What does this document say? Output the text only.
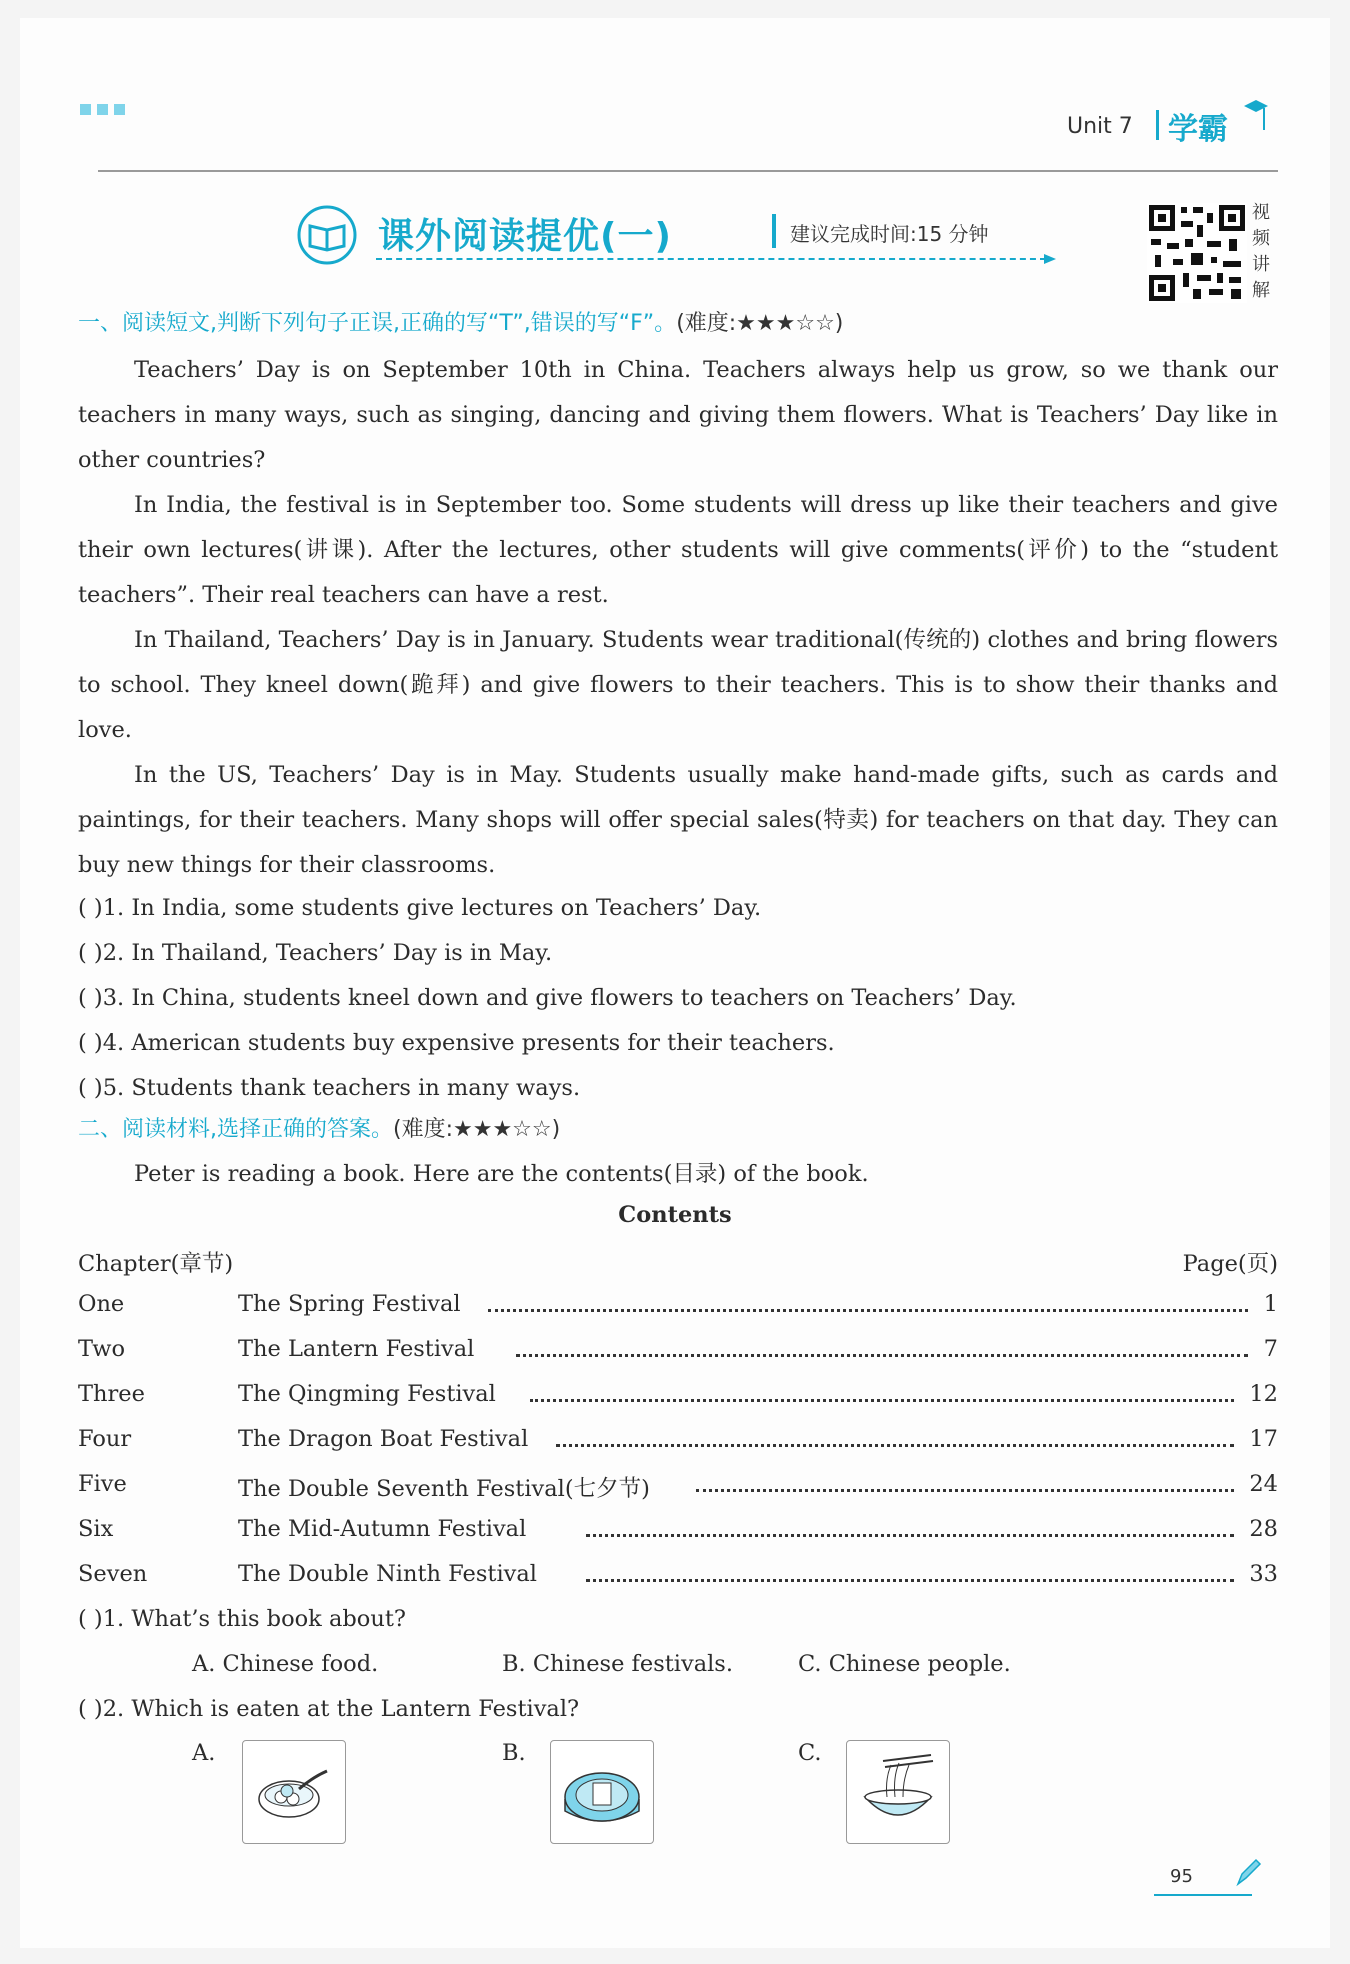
Unit 7 学霸
课外阅读提优(一)	建议完成时间:15 分钟
视
频
讲
解
一、阅读短文,判断下列句子正误,正确的写“T”,错误的写“F”。(难度:★★★☆☆)

Teachers’ Day is on September 10th in China. Teachers always help us grow, so we thank our teachers in many ways, such as singing, dancing and giving them flowers. What is Teachers’ Day like in other countries?

In India, the festival is in September too. Some students will dress up like their teachers and give their own lectures(讲课). After the lectures, other students will give comments(评价) to the “student teachers”. Their real teachers can have a rest.

In Thailand, Teachers’ Day is in January. Students wear traditional(传统的) clothes and bring flowers to school. They kneel down(跪拜) and give flowers to their teachers. This is to show their thanks and love.

In the US, Teachers’ Day is in May. Students usually make hand-made gifts, such as cards and paintings, for their teachers. Many shops will offer special sales(特卖) for teachers on that day. They can buy new things for their classrooms.

( )1. In India, some students give lectures on Teachers’ Day.
( )2. In Thailand, Teachers’ Day is in May.
( )3. In China, students kneel down and give flowers to teachers on Teachers’ Day.
( )4. American students buy expensive presents for their teachers.
( )5. Students thank teachers in many ways.
二、阅读材料,选择正确的答案。(难度:★★★☆☆)
Peter is reading a book. Here are the contents(目录) of the book.
Contents
Chapter(章节)	Page(页)
One	The Spring Festival	1
Two	The Lantern Festival	7
Three	The Qingming Festival	12
Four	The Dragon Boat Festival	17
Five	The Double Seventh Festival(七夕节)	24
Six	The Mid-Autumn Festival	28
Seven	The Double Ninth Festival	33
( )1. What’s this book about?
A. Chinese food.	B. Chinese festivals.	C. Chinese people.
( )2. Which is eaten at the Lantern Festival?
A.	B.	C.
95
